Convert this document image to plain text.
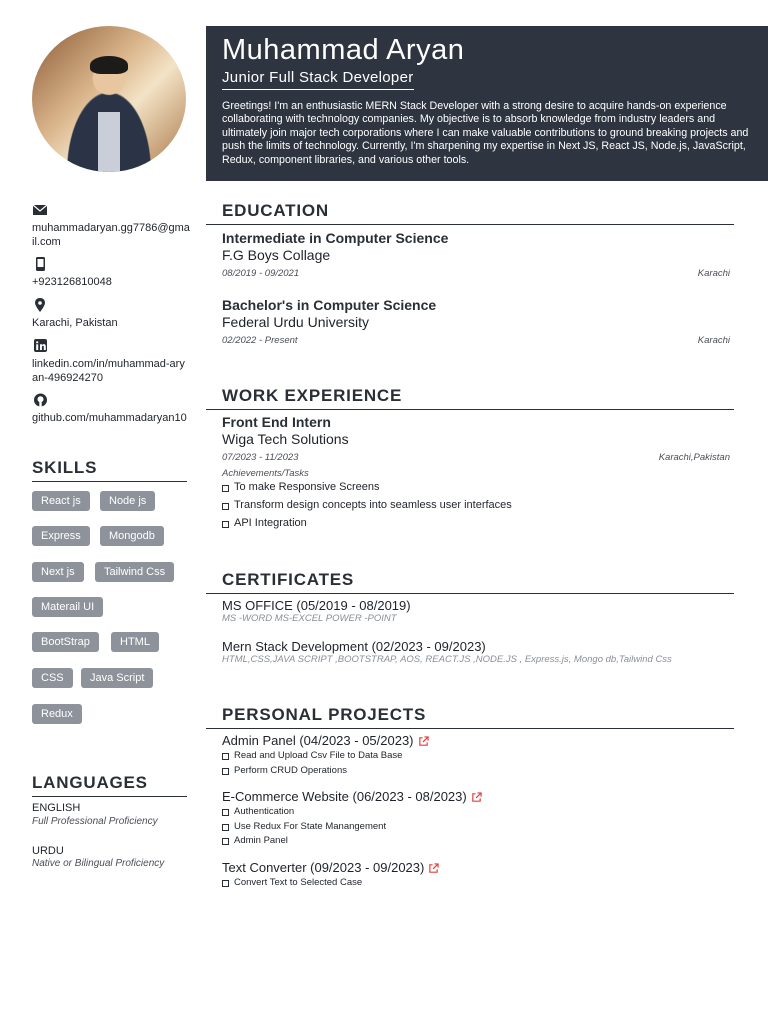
Muhammad Aryan
Junior Full Stack Developer
Greetings! I'm an enthusiastic MERN Stack Developer with a strong desire to acquire hands-on experience collaborating with technology companies. My objective is to absorb knowledge from industry leaders and ultimately join major tech corporations where I can make valuable contributions to ground breaking projects and push the limits of technology. Currently, I'm sharpening my expertise in Next JS, React JS, Node.js, JavaScript, Redux, component libraries, and various other tools.
muhammadaryan.gg7786@gmail.com
+923126810048
Karachi, Pakistan
linkedin.com/in/muhammad-aryan-496924270
github.com/muhammadaryan10
SKILLS
React js	Node js
Express	Mongodb
Next js	Tailwind Css
Materail UI
BootStrap	HTML
CSS	Java Script
Redux
LANGUAGES
ENGLISH
Full Professional Proficiency
URDU
Native or Bilingual Proficiency
EDUCATION
Intermediate in Computer Science
F.G Boys Collage
08/2019 - 09/2021	Karachi
Bachelor's in Computer Science
Federal Urdu University
02/2022 - Present	Karachi
WORK EXPERIENCE
Front End Intern
Wiga Tech Solutions
07/2023 - 11/2023	Karachi,Pakistan
Achievements/Tasks
To make Responsive Screens
Transform design concepts into seamless user interfaces
API Integration
CERTIFICATES
MS OFFICE (05/2019 - 08/2019)
MS -WORD MS-EXCEL POWER -POINT
Mern Stack Development (02/2023 - 09/2023)
HTML,CSS,JAVA SCRIPT ,BOOTSTRAP, AOS, REACT.JS ,NODE.JS , Express.js, Mongo db,Tailwind Css
PERSONAL PROJECTS
Admin Panel (04/2023 - 05/2023)
Read and Upload Csv File to Data Base
Perform CRUD Operations
E-Commerce Website (06/2023 - 08/2023)
Authentication
Use Redux For State Manangement
Admin Panel
Text Converter (09/2023 - 09/2023)
Convert Text to Selected Case
